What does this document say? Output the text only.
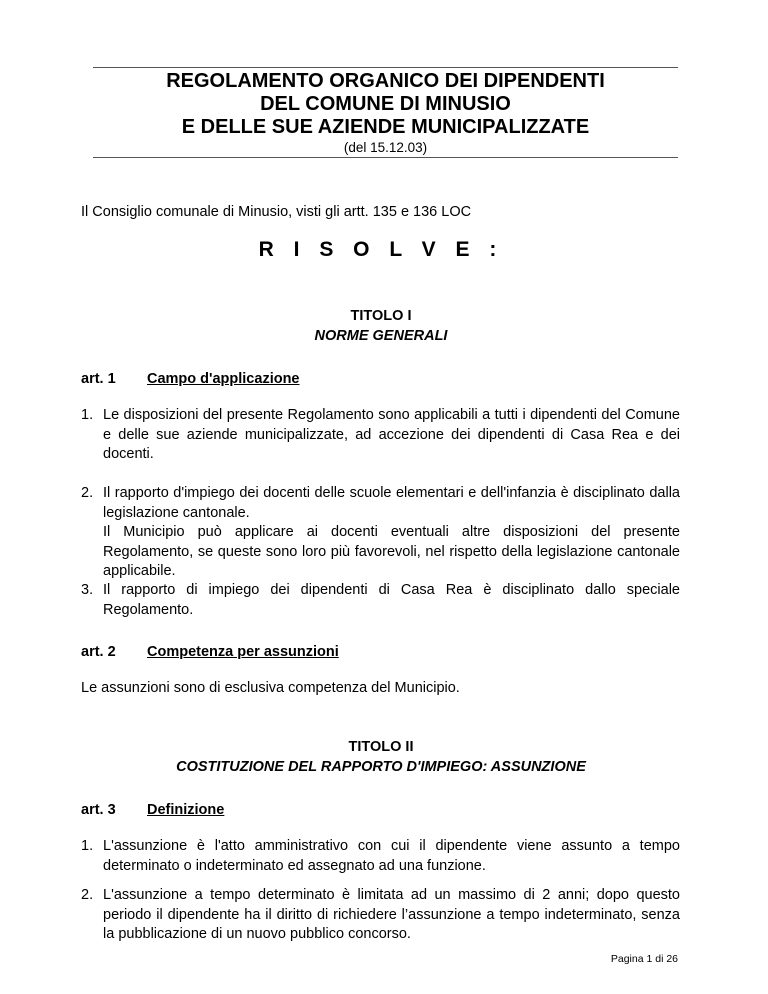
REGOLAMENTO ORGANICO DEI DIPENDENTI
DEL COMUNE DI MINUSIO
E DELLE SUE AZIENDE MUNICIPALIZZATE
(del 15.12.03)
Il Consiglio comunale di Minusio, visti gli artt. 135 e 136 LOC
R I S O L V E :
TITOLO I
NORME GENERALI
art. 1 Campo d'applicazione
1. Le disposizioni del presente Regolamento sono applicabili a tutti i dipendenti del Comune e delle sue aziende municipalizzate, ad accezione dei dipendenti di Casa Rea e dei docenti.
2. Il rapporto d'impiego dei docenti delle scuole elementari e dell'infanzia è disciplinato dalla legislazione cantonale.
Il Municipio può applicare ai docenti eventuali altre disposizioni del presente Regolamento, se queste sono loro più favorevoli, nel rispetto della legislazione cantonale applicabile.
3. Il rapporto di impiego dei dipendenti di Casa Rea è disciplinato dallo speciale Regolamento.
art. 2 Competenza per assunzioni
Le assunzioni sono di esclusiva competenza del Municipio.
TITOLO II
COSTITUZIONE DEL RAPPORTO D'IMPIEGO: ASSUNZIONE
art. 3 Definizione
1. L'assunzione è l'atto amministrativo con cui il dipendente viene assunto a tempo determinato o indeterminato ed assegnato ad una funzione.
2. L'assunzione a tempo determinato è limitata ad un massimo di 2 anni; dopo questo periodo il dipendente ha il diritto di richiedere l’assunzione a tempo indeterminato, senza la pubblicazione di un nuovo pubblico concorso.
Pagina 1 di 26
